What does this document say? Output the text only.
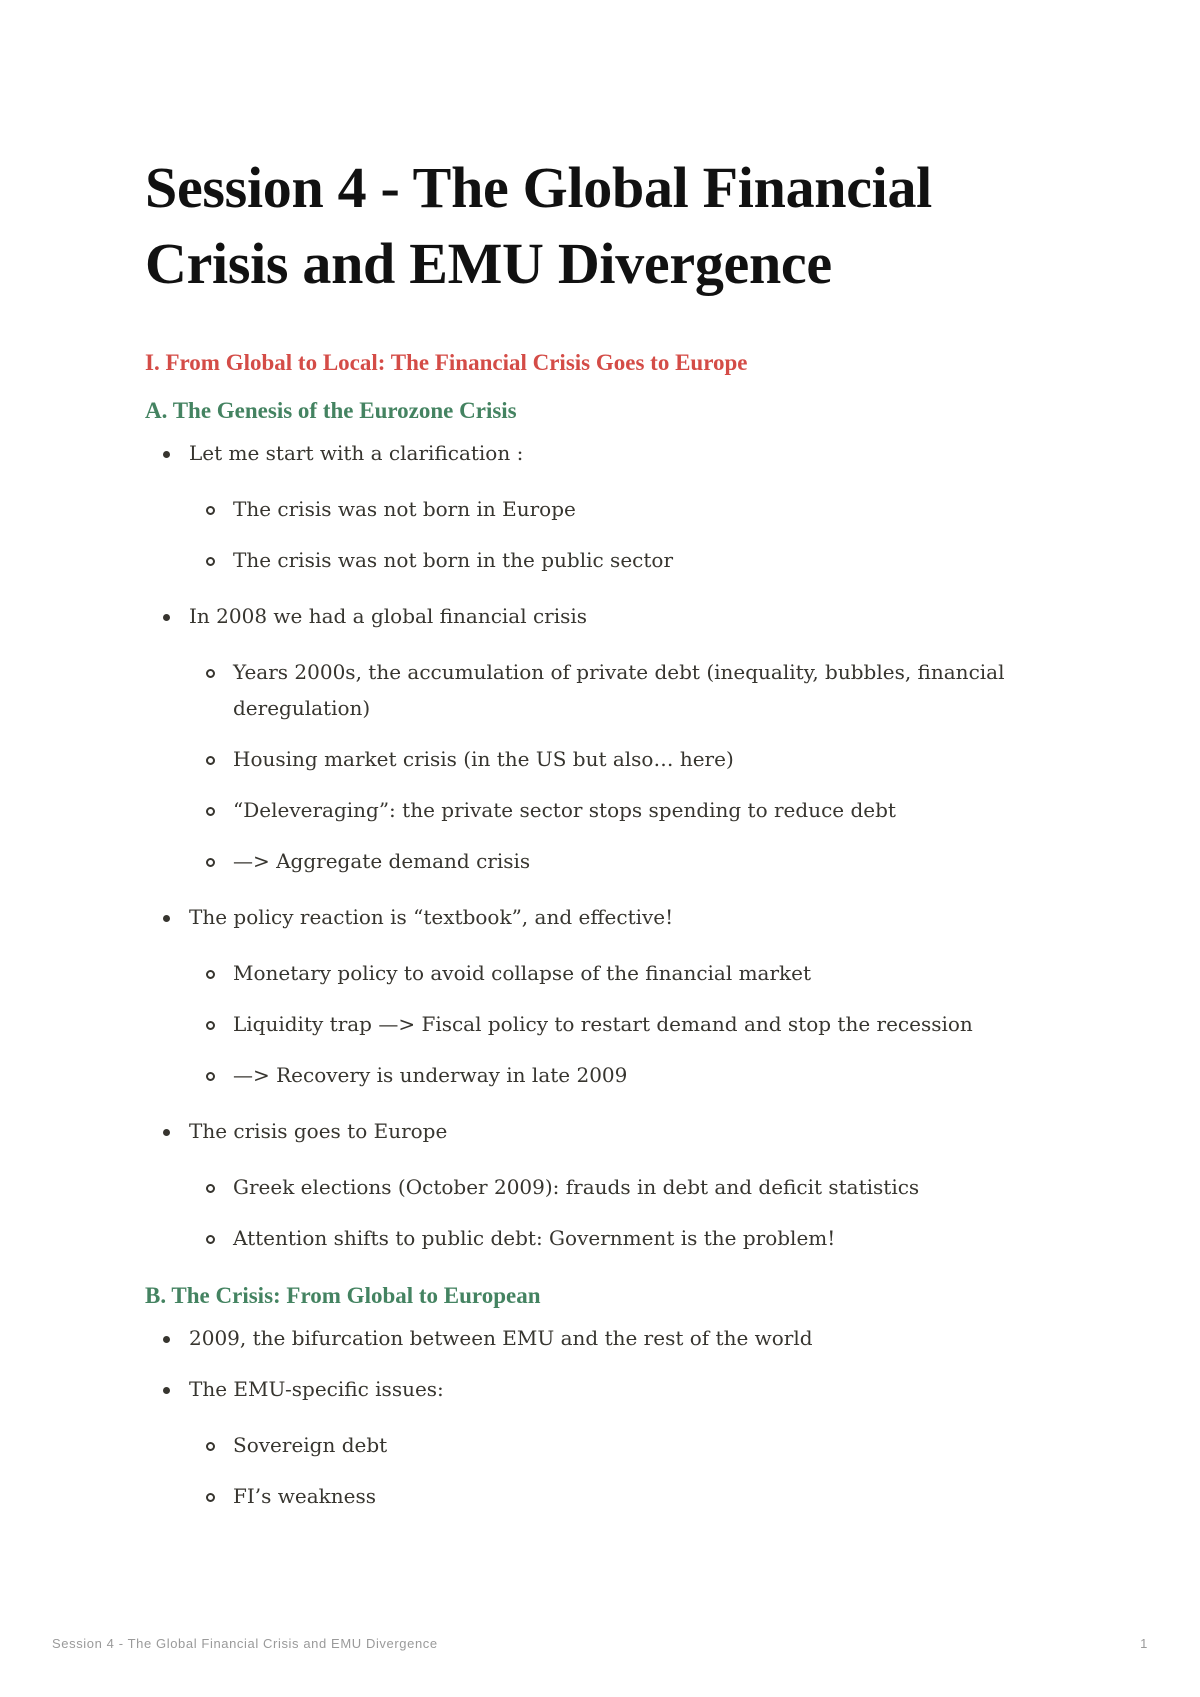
Session 4 - The Global Financial Crisis and EMU Divergence
I. From Global to Local: The Financial Crisis Goes to Europe
A. The Genesis of the Eurozone Crisis
Let me start with a clarification :
The crisis was not born in Europe
The crisis was not born in the public sector
In 2008 we had a global financial crisis
Years 2000s, the accumulation of private debt (inequality, bubbles, financial deregulation)
Housing market crisis (in the US but also… here)
“Deleveraging”: the private sector stops spending to reduce debt
—> Aggregate demand crisis
The policy reaction is “textbook”, and effective!
Monetary policy to avoid collapse of the financial market
Liquidity trap —> Fiscal policy to restart demand and stop the recession
—> Recovery is underway in late 2009
The crisis goes to Europe
Greek elections (October 2009): frauds in debt and deficit statistics
Attention shifts to public debt: Government is the problem!
B. The Crisis: From Global to European
2009, the bifurcation between EMU and the rest of the world
The EMU-specific issues:
Sovereign debt
FI’s weakness
Session 4 - The Global Financial Crisis and EMU Divergence	1
